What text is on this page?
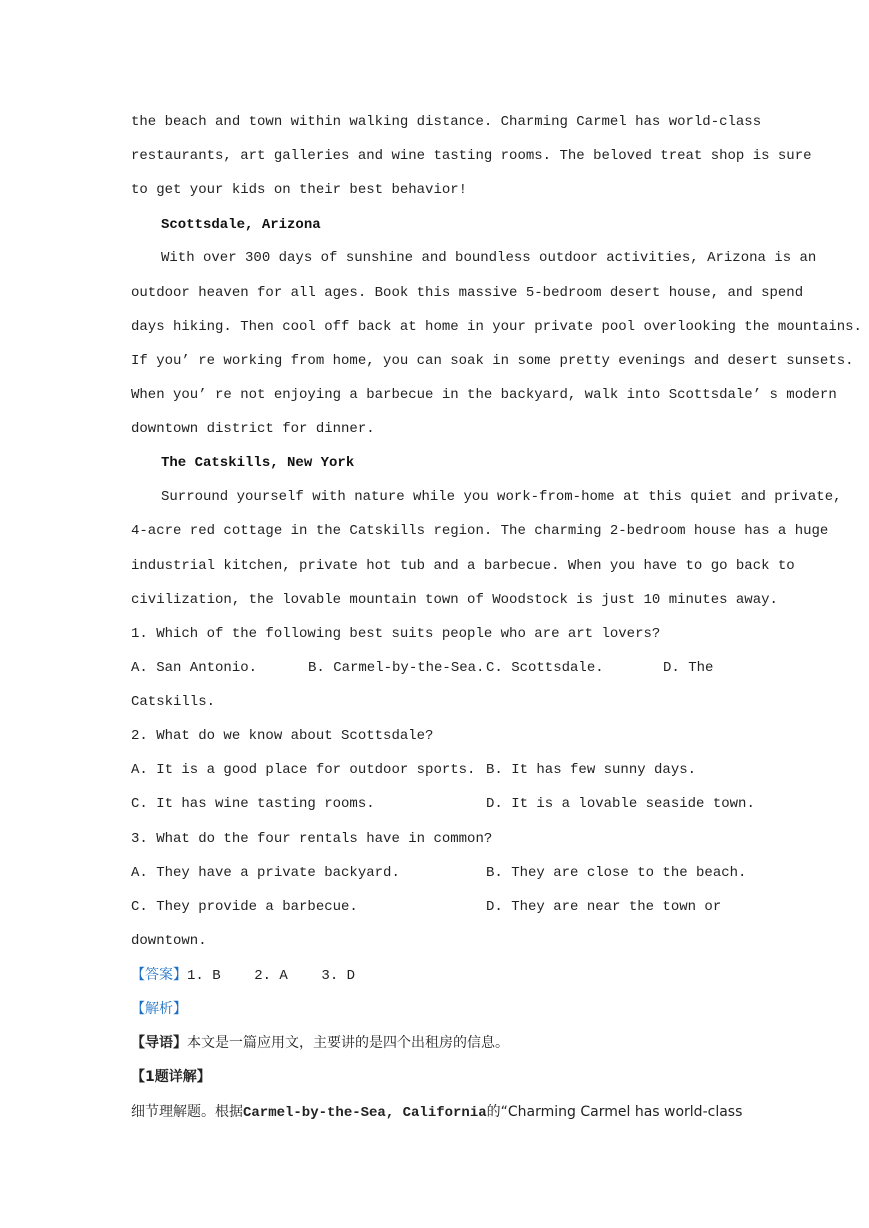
the beach and town within walking distance. Charming Carmel has world-class
restaurants, art galleries and wine tasting rooms. The beloved treat shop is sure
to get your kids on their best behavior!
Scottsdale, Arizona
With over 300 days of sunshine and boundless outdoor activities, Arizona is an
outdoor heaven for all ages. Book this massive 5-bedroom desert house, and spend
days hiking. Then cool off back at home in your private pool overlooking the mountains.
If you’ re working from home, you can soak in some pretty evenings and desert sunsets.
When you’ re not enjoying a barbecue in the backyard, walk into Scottsdale’ s modern
downtown district for dinner.
The Catskills, New York
Surround yourself with nature while you work-from-home at this quiet and private,
4-acre red cottage in the Catskills region. The charming 2-bedroom house has a huge
industrial kitchen, private hot tub and a barbecue. When you have to go back to
civilization, the lovable mountain town of Woodstock is just 10 minutes away.
1. Which of the following best suits people who are art lovers?
A. San Antonio.	B. Carmel-by-the-Sea. C. Scottsdale.	D. The
Catskills.
2. What do we know about Scottsdale?
A. It is a good place for outdoor sports. B. It has few sunny days.
C. It has wine tasting rooms.	D. It is a lovable seaside town.
3. What do the four rentals have in common?
A. They have a private backyard.	B. They are close to the beach.
C. They provide a barbecue.	D. They are near the town or
downtown.
【答案】1. B    2. A    3. D
【解析】
【导语】本文是一篇应用文，主要讲的是四个出租房的信息。
【1题详解】
细节理解题。根据Carmel-by-the-Sea, California的“Charming Carmel has world-class
